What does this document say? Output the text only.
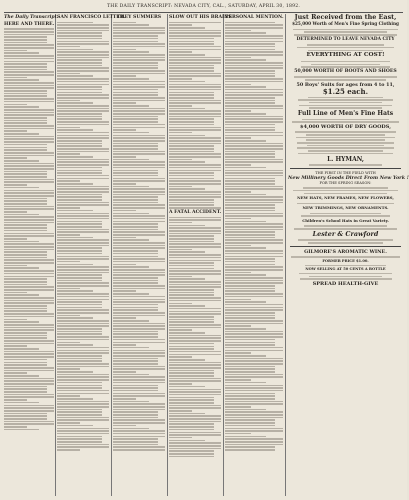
THE DAILY TRANSCRIPT: NEVADA CITY, CAL., SATURDAY, APRIL 30, 1892.
The Daily Transcript.
HERE AND THERE.
SAN FRANCISCO LETTER.
THEY SUMMERS	SLOW OUT HIS BRAINS
A FATAL ACCIDENT.
PERSONAL MENTION.	Just Received from the East,
$25,000 Worth of Men's Fine Spring Clothing
DETERMINED TO LEAVE NEVADA CITY
EVERYTHING AT COST!
50,000 WORTH OF BOOTS AND SHOES
50 Boys' Suits for ages from 4 to 11,
$1.25 each.
Full Line of Men's Fine Hats
$4,000 WORTH OF DRY GOODS,
L. HYMAN,
THE FIRST IN THE FIELD WITH
New Millinery Goods Direct From New York !
FOR THE SPRING SEASON:
NEW HATS, NEW FRAMES, NEW FLOWERS,
NEW TRIMMINGS, NEW ORNAMENTS.
Children's School Hats in Great Variety.
Lester & Crawford
GILMORE'S AROMATIC WINE.
FORMER PRICE $1.00.
NOW SELLING AT 50 CENTS A BOTTLE
SPREAD HEALTH-GIVE
